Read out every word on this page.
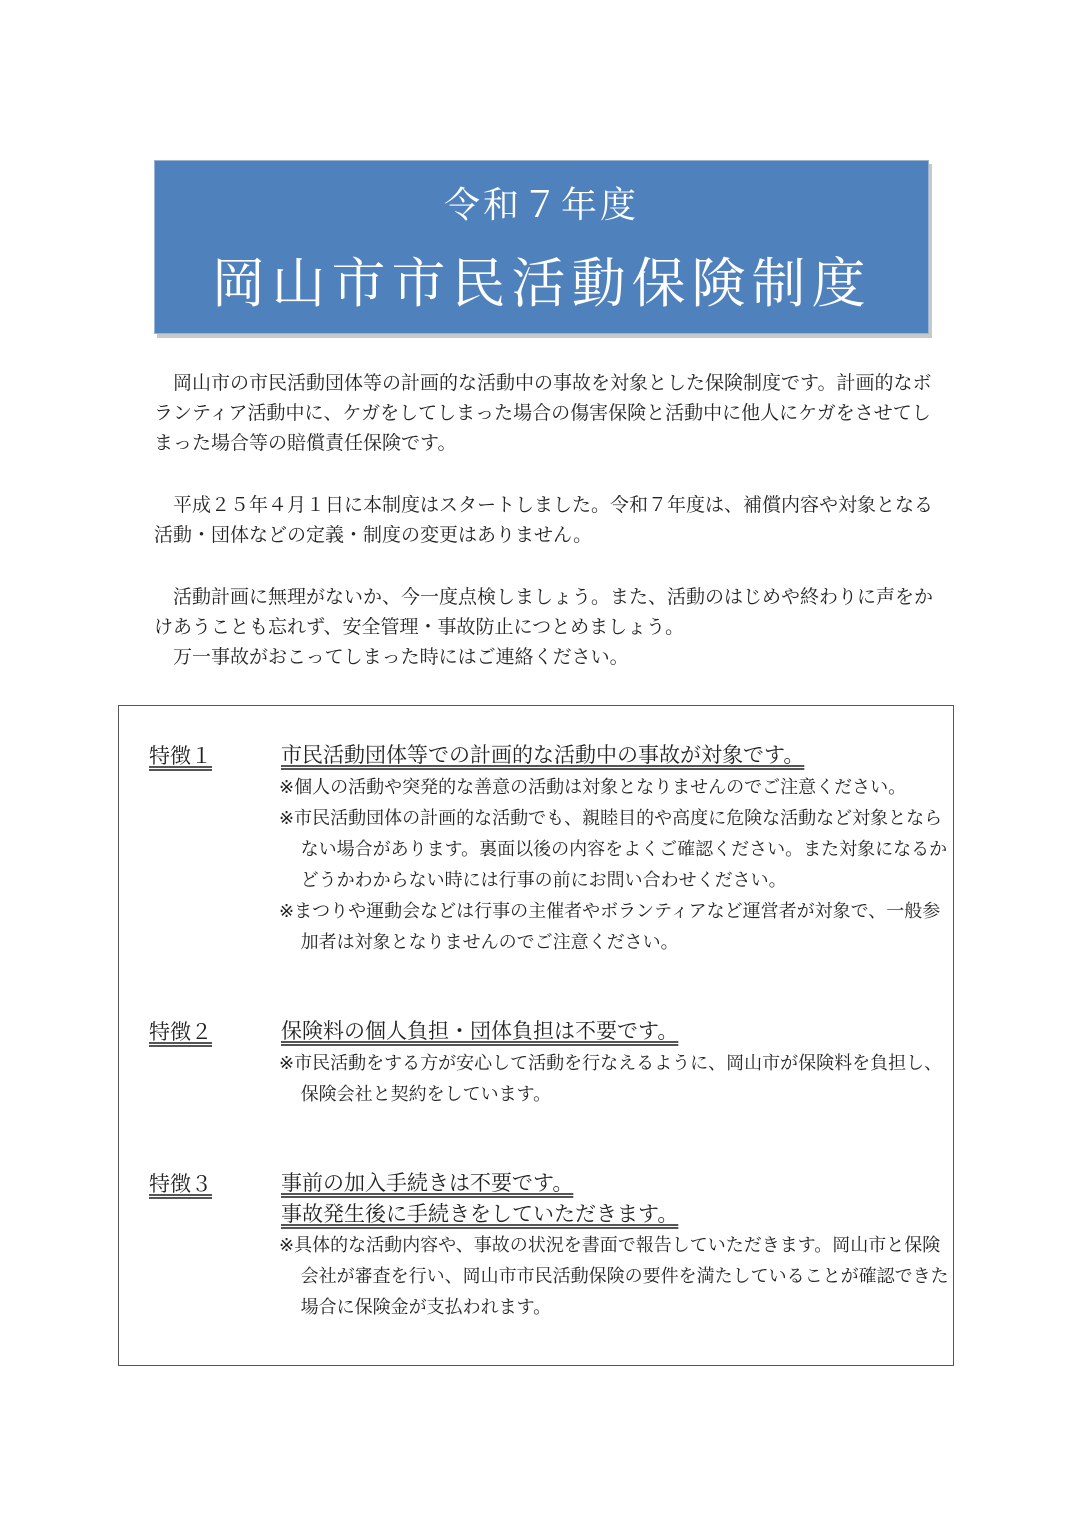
令和７年度
岡山市市民活動保険制度

岡山市の市民活動団体等の計画的な活動中の事故を対象とした保険制度です。計画的なボランティア活動中に、ケガをしてしまった場合の傷害保険と活動中に他人にケガをさせてしまった場合等の賠償責任保険です。

平成２５年４月１日に本制度はスタートしました。令和７年度は、補償内容や対象となる活動・団体などの定義・制度の変更はありません。

活動計画に無理がないか、今一度点検しましょう。また、活動のはじめや終わりに声をかけあうことも忘れず、安全管理・事故防止につとめましょう。

万一事故がおこってしまった時にはご連絡ください。

特徴１	市民活動団体等での計画的な活動中の事故が対象です。
※個人の活動や突発的な善意の活動は対象となりませんのでご注意ください。
※市民活動団体の計画的な活動でも、親睦目的や高度に危険な活動など対象とならない場合があります。裏面以後の内容をよくご確認ください。また対象になるかどうかわからない時には行事の前にお問い合わせください。
※まつりや運動会などは行事の主催者やボランティアなど運営者が対象で、一般参加者は対象となりませんのでご注意ください。
特徴２	保険料の個人負担・団体負担は不要です。
※市民活動をする方が安心して活動を行なえるように、岡山市が保険料を負担し、保険会社と契約をしています。
特徴３	事前の加入手続きは不要です。
事故発生後に手続きをしていただきます。
※具体的な活動内容や、事故の状況を書面で報告していただきます。岡山市と保険会社が審査を行い、岡山市市民活動保険の要件を満たしていることが確認できた場合に保険金が支払われます。
